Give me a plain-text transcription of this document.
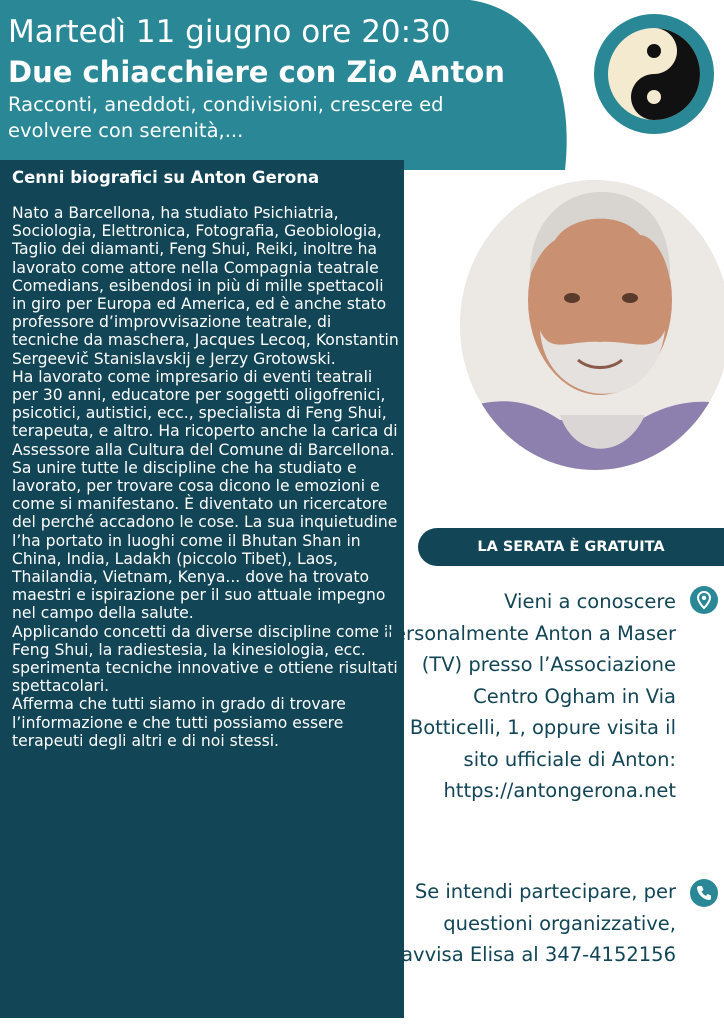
Martedì 11 giugno ore 20:30
Due chiacchiere con Zio Anton
Racconti, aneddoti, condivisioni, crescere ed evolvere con serenità,...
Cenni biografici su Anton Gerona

Nato a Barcellona, ha studiato Psichiatria, Sociologia, Elettronica, Fotografia, Geobiologia, Taglio dei diamanti, Feng Shui, Reiki, inoltre ha lavorato come attore nella Compagnia teatrale Comedians, esibendosi in più di mille spettacoli in giro per Europa ed America, ed è anche stato professore d’improvvisazione teatrale, di tecniche da maschera, Jacques Lecoq, Konstantin Sergeevič Stanislavskij e Jerzy Grotowski.

Ha lavorato come impresario di eventi teatrali per 30 anni, educatore per soggetti oligofrenici, psicotici, autistici, ecc., specialista di Feng Shui, terapeuta, e altro. Ha ricoperto anche la carica di Assessore alla Cultura del Comune di Barcellona.

Sa unire tutte le discipline che ha studiato e lavorato, per trovare cosa dicono le emozioni e come si manifestano. È diventato un ricercatore del perché accadono le cose. La sua inquietudine l’ha portato in luoghi come il Bhutan Shan in China, India, Ladakh (piccolo Tibet), Laos, Thailandia, Vietnam, Kenya... dove ha trovato maestri e ispirazione per il suo attuale impegno nel campo della salute.

Applicando concetti da diverse discipline come il Feng Shui, la radiestesia, la kinesiologia, ecc. sperimenta tecniche innovative e ottiene risultati spettacolari.

Afferma che tutti siamo in grado di trovare l’informazione e che tutti possiamo essere terapeuti degli altri e di noi stessi.

LA SERATA È GRATUITA
Vieni a conoscere personalmente Anton a Maser (TV) presso l’Associazione Centro Ogham in Via Botticelli, 1, oppure visita il sito ufficiale di Anton: https://antongerona.net
Se intendi partecipare, per questioni organizzative, avvisa Elisa al 347-4152156
